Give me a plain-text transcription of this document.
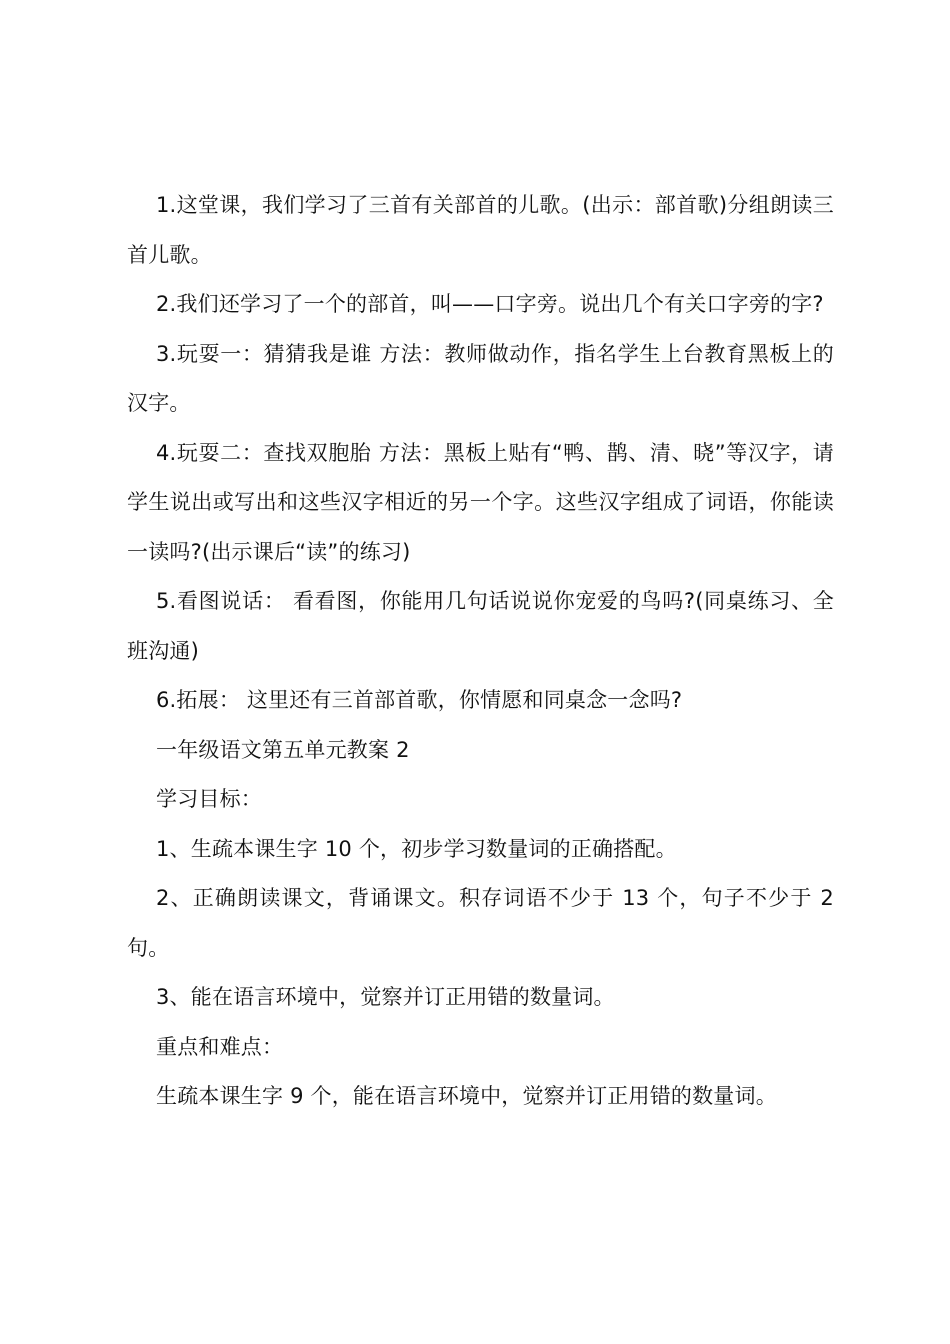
1.这堂课，我们学习了三首有关部首的儿歌。(出示：部首歌)分组朗读三首儿歌。

2.我们还学习了一个的部首，叫——口字旁。说出几个有关口字旁的字?

3.玩耍一：猜猜我是谁 方法：教师做动作，指名学生上台教育黑板上的汉字。

4.玩耍二：查找双胞胎 方法：黑板上贴有“鸭、鹊、清、晓”等汉字，请学生说出或写出和这些汉字相近的另一个字。这些汉字组成了词语，你能读一读吗?(出示课后“读”的练习)

5.看图说话： 看看图，你能用几句话说说你宠爱的鸟吗?(同桌练习、全班沟通)

6.拓展： 这里还有三首部首歌，你情愿和同桌念一念吗?

一年级语文第五单元教案 2

学习目标：

1、生疏本课生字 10 个，初步学习数量词的正确搭配。

2、正确朗读课文，背诵课文。积存词语不少于 13 个，句子不少于 2 句。

3、能在语言环境中，觉察并订正用错的数量词。

重点和难点：

生疏本课生字 9 个，能在语言环境中，觉察并订正用错的数量词。
